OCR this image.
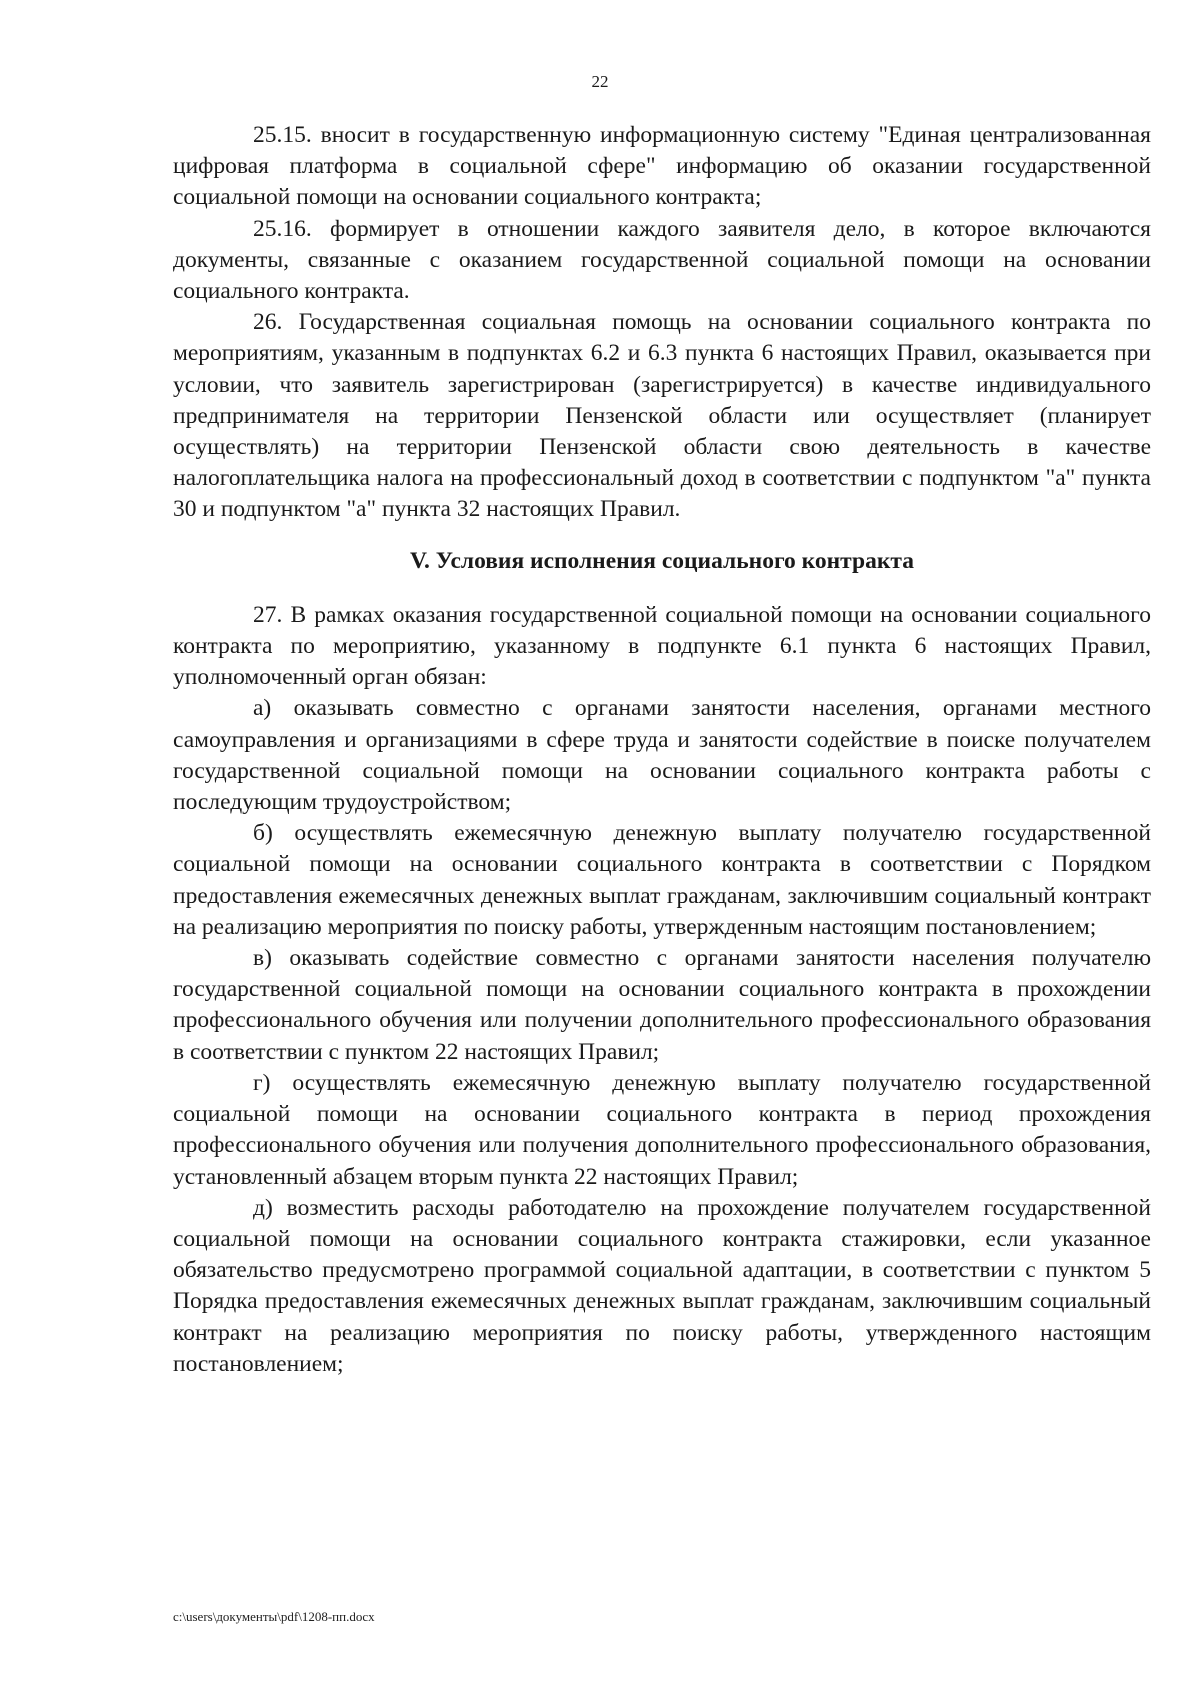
22

25.15. вносит в государственную информационную систему "Единая централизованная цифровая платформа в социальной сфере" информацию об оказании государственной социальной помощи на основании социального контракта;

25.16. формирует в отношении каждого заявителя дело, в которое включаются документы, связанные с оказанием государственной социальной помощи на основании социального контракта.

26. Государственная социальная помощь на основании социального контракта по мероприятиям, указанным в подпунктах 6.2 и 6.3 пункта 6 настоящих Правил, оказывается при условии, что заявитель зарегистрирован (зарегистрируется) в качестве индивидуального предпринимателя на территории Пензенской области или осуществляет (планирует осуществлять) на территории Пензенской области свою деятельность в качестве налогоплательщика налога на профессиональный доход в соответствии с подпунктом "а" пункта 30 и подпунктом "а" пункта 32 настоящих Правил.

V. Условия исполнения социального контракта

27. В рамках оказания государственной социальной помощи на основании социального контракта по мероприятию, указанному в подпункте 6.1 пункта 6 настоящих Правил, уполномоченный орган обязан:

а) оказывать совместно с органами занятости населения, органами местного самоуправления и организациями в сфере труда и занятости содействие в поиске получателем государственной социальной помощи на основании социального контракта работы с последующим трудоустройством;

б) осуществлять ежемесячную денежную выплату получателю государственной социальной помощи на основании социального контракта в соответствии с Порядком предоставления ежемесячных денежных выплат гражданам, заключившим социальный контракт на реализацию мероприятия по поиску работы, утвержденным настоящим постановлением;

в) оказывать содействие совместно с органами занятости населения получателю государственной социальной помощи на основании социального контракта в прохождении профессионального обучения или получении дополнительного профессионального образования в соответствии с пунктом 22 настоящих Правил;

г) осуществлять ежемесячную денежную выплату получателю государственной социальной помощи на основании социального контракта в период прохождения профессионального обучения или получения дополнительного профессионального образования, установленный абзацем вторым пункта 22 настоящих Правил;

д) возместить расходы работодателю на прохождение получателем государственной социальной помощи на основании социального контракта стажировки, если указанное обязательство предусмотрено программой социальной адаптации, в соответствии с пунктом 5 Порядка предоставления ежемесячных денежных выплат гражданам, заключившим социальный контракт на реализацию мероприятия по поиску работы, утвержденного настоящим постановлением;

c:\users\документы\pdf\1208-пп.docx
